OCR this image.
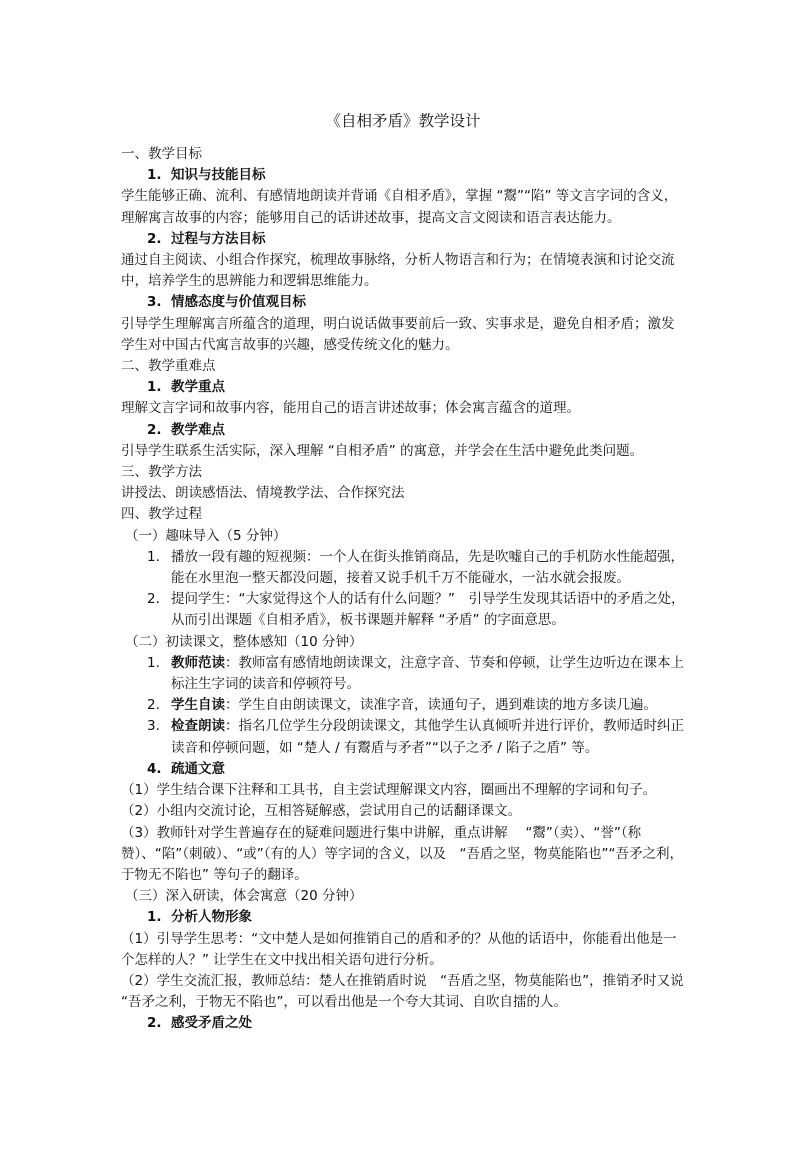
《自相矛盾》教学设计
一、教学目标
1. 知识与技能目标
学生能够正确、流利、有感情地朗读并背诵《自相矛盾》，掌握 “鬻”“陷” 等文言字词的含义，理解寓言故事的内容；能够用自己的话讲述故事，提高文言文阅读和语言表达能力。
2. 过程与方法目标
通过自主阅读、小组合作探究，梳理故事脉络，分析人物语言和行为；在情境表演和讨论交流中，培养学生的思辨能力和逻辑思维能力。
3. 情感态度与价值观目标
引导学生理解寓言所蕴含的道理，明白说话做事要前后一致、实事求是，避免自相矛盾；激发学生对中国古代寓言故事的兴趣，感受传统文化的魅力。
二、教学重难点
1. 教学重点
理解文言字词和故事内容，能用自己的语言讲述故事；体会寓言蕴含的道理。
2. 教学难点
引导学生联系生活实际，深入理解 “自相矛盾” 的寓意，并学会在生活中避免此类问题。
三、教学方法
讲授法、朗读感悟法、情境教学法、合作探究法
四、教学过程
（一）趣味导入（5 分钟）
1. 播放一段有趣的短视频：一个人在街头推销商品，先是吹嘘自己的手机防水性能超强，能在水里泡一整天都没问题，接着又说手机千万不能碰水，一沾水就会报废。
2. 提问学生：“大家觉得这个人的话有什么问题？”　引导学生发现其话语中的矛盾之处，从而引出课题《自相矛盾》，板书课题并解释 “矛盾” 的字面意思。
（二）初读课文，整体感知（10 分钟）
1. 教师范读：教师富有感情地朗读课文，注意字音、节奏和停顿，让学生边听边在课本上标注生字词的读音和停顿符号。
2. 学生自读：学生自由朗读课文，读准字音，读通句子，遇到难读的地方多读几遍。
3. 检查朗读：指名几位学生分段朗读课文，其他学生认真倾听并进行评价，教师适时纠正读音和停顿问题，如 “楚人 / 有鬻盾与矛者”“以子之矛 / 陷子之盾” 等。
4. 疏通文意
（1）学生结合课下注释和工具书，自主尝试理解课文内容，圈画出不理解的字词和句子。
（2）小组内交流讨论，互相答疑解惑，尝试用自己的话翻译课文。
（3）教师针对学生普遍存在的疑难问题进行集中讲解，重点讲解　 “鬻”（卖）、“誉”（称赞）、“陷”（刺破）、“或”（有的人）等字词的含义，以及　“吾盾之坚，物莫能陷也”“吾矛之利，于物无不陷也” 等句子的翻译。
（三）深入研读，体会寓意（20 分钟）
1. 分析人物形象
（1）引导学生思考：“文中楚人是如何推销自己的盾和矛的？从他的话语中，你能看出他是一个怎样的人？” 让学生在文中找出相关语句进行分析。
（2）学生交流汇报，教师总结：楚人在推销盾时说　“吾盾之坚，物莫能陷也”，推销矛时又说 “吾矛之利，于物无不陷也”，可以看出他是一个夸大其词、自吹自擂的人。
2. 感受矛盾之处
